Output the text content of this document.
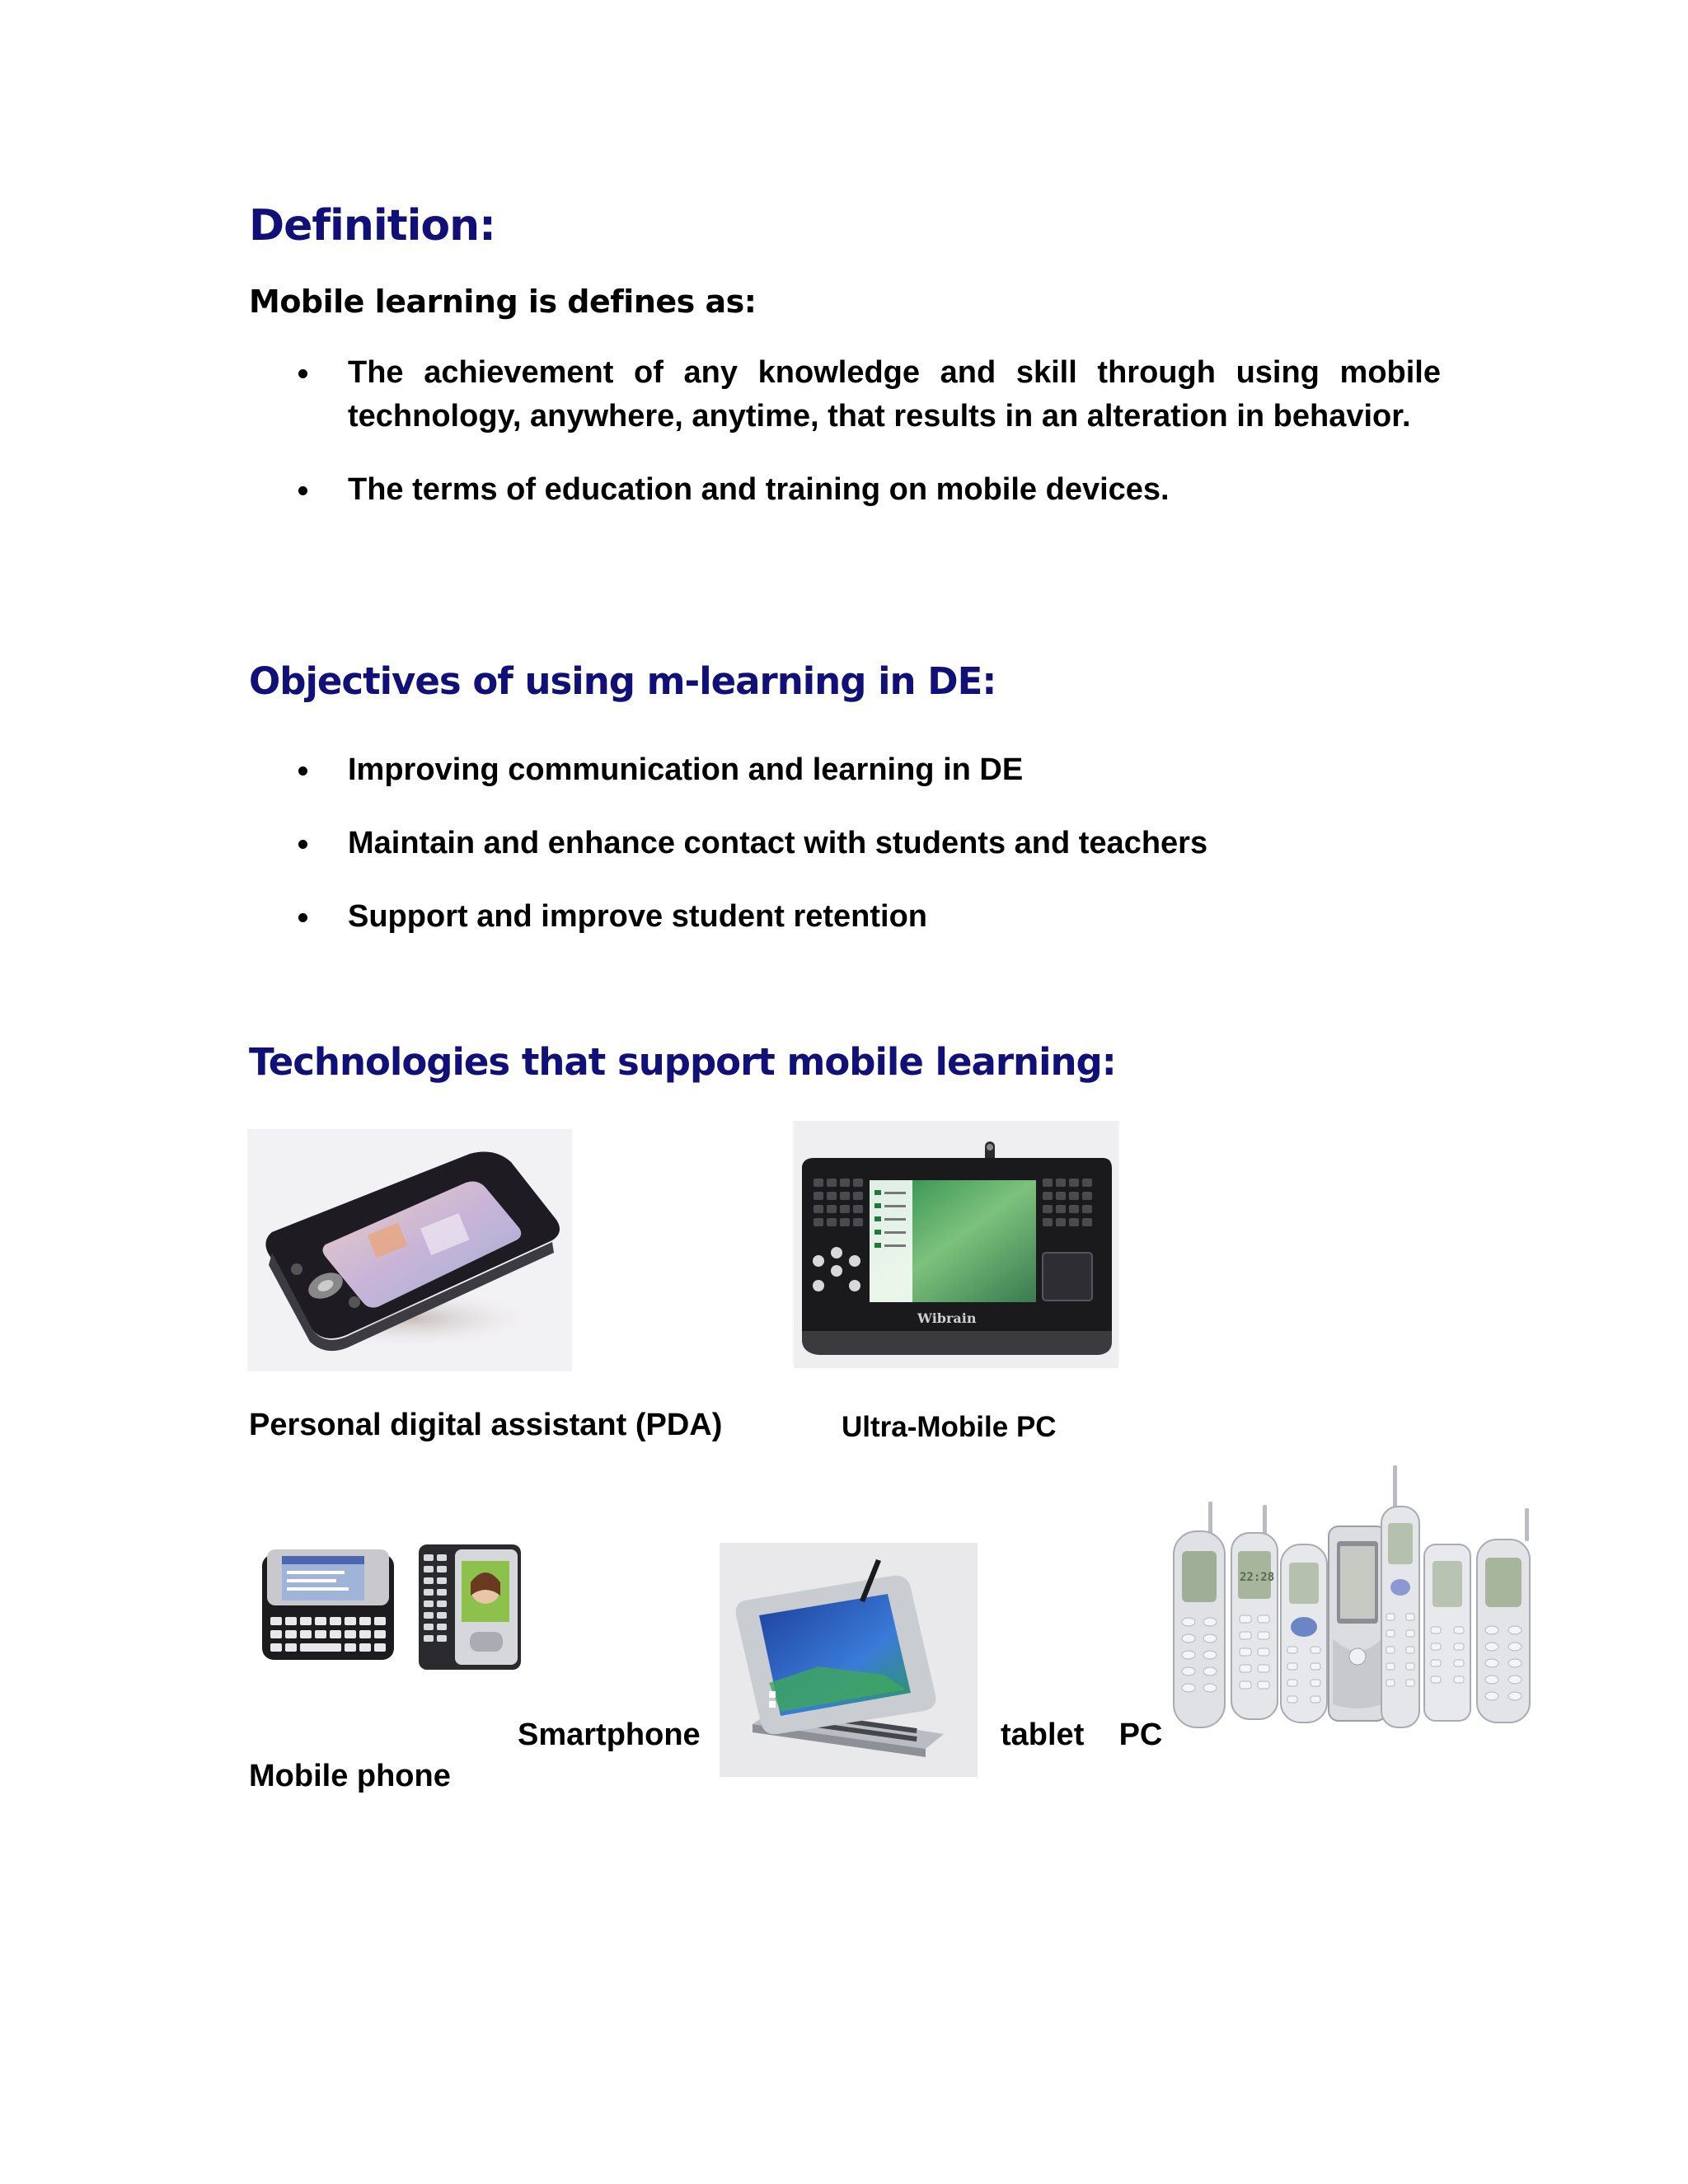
Definition:
Mobile learning is defines as:
The achievement of any knowledge and skill through using mobile technology, anywhere, anytime, that results in an alteration in behavior.
The terms of education and training on mobile devices.
Objectives of using m-learning in DE:
Improving communication and learning in DE
Maintain and enhance contact with students and teachers
Support and improve student retention
Technologies that support mobile learning:
Wibrain
Personal digital assistant (PDA)	Ultra-Mobile PC
Smartphone	tablet    PC
22:28
Mobile phone
